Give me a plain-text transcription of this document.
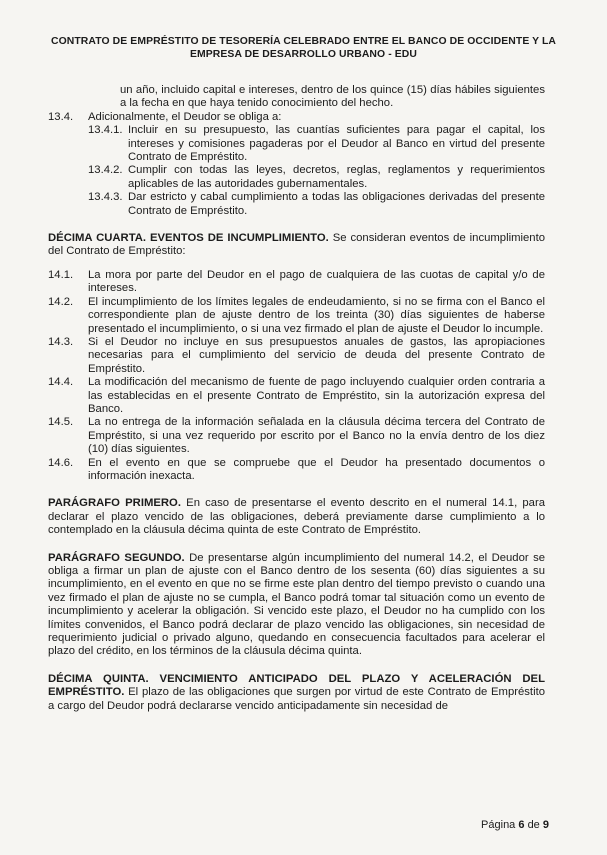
CONTRATO DE EMPRÉSTITO DE TESORERÍA CELEBRADO ENTRE EL BANCO DE OCCIDENTE Y LA
EMPRESA DE DESARROLLO URBANO - EDU
un año, incluido capital e intereses, dentro de los quince (15) días hábiles siguientes a la fecha en que haya tenido conocimiento del hecho.
13.4.	Adicionalmente, el Deudor se obliga a:
13.4.1. Incluir en su presupuesto, las cuantías suficientes para pagar el capital, los intereses y comisiones pagaderas por el Deudor al Banco en virtud del presente Contrato de Empréstito.
13.4.2. Cumplir con todas las leyes, decretos, reglas, reglamentos y requerimientos aplicables de las autoridades gubernamentales.
13.4.3. Dar estricto y cabal cumplimiento a todas las obligaciones derivadas del presente Contrato de Empréstito.
DÉCIMA CUARTA. EVENTOS DE INCUMPLIMIENTO. Se consideran eventos de incumplimiento del Contrato de Empréstito:
14.1.	La mora por parte del Deudor en el pago de cualquiera de las cuotas de capital y/o de intereses.
14.2.	El incumplimiento de los límites legales de endeudamiento, si no se firma con el Banco el correspondiente plan de ajuste dentro de los treinta (30) días siguientes de haberse presentado el incumplimiento, o si una vez firmado el plan de ajuste el Deudor lo incumple.
14.3.	Si el Deudor no incluye en sus presupuestos anuales de gastos, las apropiaciones necesarias para el cumplimiento del servicio de deuda del presente Contrato de Empréstito.
14.4.	La modificación del mecanismo de fuente de pago incluyendo cualquier orden contraria a las establecidas en el presente Contrato de Empréstito, sin la autorización expresa del Banco.
14.5.	La no entrega de la información señalada en la cláusula décima tercera del Contrato de Empréstito, si una vez requerido por escrito por el Banco no la envía dentro de los diez (10) días siguientes.
14.6.	En el evento en que se compruebe que el Deudor ha presentado documentos o información inexacta.
PARÁGRAFO PRIMERO. En caso de presentarse el evento descrito en el numeral 14.1, para declarar el plazo vencido de las obligaciones, deberá previamente darse cumplimiento a lo contemplado en la cláusula décima quinta de este Contrato de Empréstito.
PARÁGRAFO SEGUNDO. De presentarse algún incumplimiento del numeral 14.2, el Deudor se obliga a firmar un plan de ajuste con el Banco dentro de los sesenta (60) días siguientes a su incumplimiento, en el evento en que no se firme este plan dentro del tiempo previsto o cuando una vez firmado el plan de ajuste no se cumpla, el Banco podrá tomar tal situación como un evento de incumplimiento y acelerar la obligación. Si vencido este plazo, el Deudor no ha cumplido con los límites convenidos, el Banco podrá declarar de plazo vencido las obligaciones, sin necesidad de requerimiento judicial o privado alguno, quedando en consecuencia facultados para acelerar el plazo del crédito, en los términos de la cláusula décima quinta.
DÉCIMA QUINTA. VENCIMIENTO ANTICIPADO DEL PLAZO Y ACELERACIÓN DEL EMPRÉSTITO. El plazo de las obligaciones que surgen por virtud de este Contrato de Empréstito a cargo del Deudor podrá declararse vencido anticipadamente sin necesidad de
Página 6 de 9
